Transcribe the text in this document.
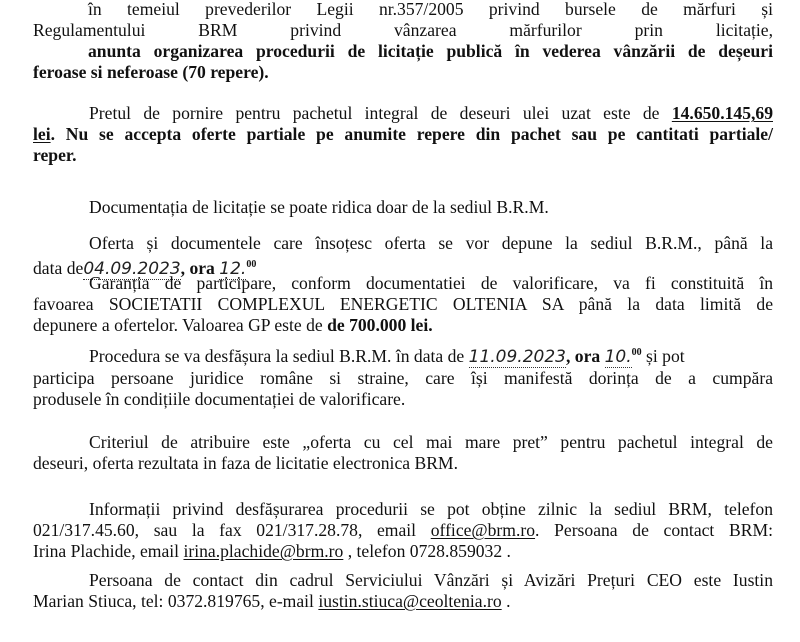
în temeiul prevederilor Legii nr.357/2005 privind bursele de mărfuri și
Regulamentului BRM privind vânzarea mărfurilor prin licitație,
anunta organizarea procedurii de licitație publică în vederea vânzării de deșeuri
feroase si neferoase (70 repere).
Pretul de pornire pentru pachetul integral de deseuri ulei uzat este de 14.650.145,69
lei. Nu se accepta oferte partiale pe anumite repere din pachet sau pe cantitati partiale/
reper.
Documentația de licitație se poate ridica doar de la sediul B.R.M.
Oferta și documentele care însoțesc oferta se vor depune la sediul B.R.M., până la
data de04.09.2023, ora 12.00
Garanția de participare, conform documentatiei de valorificare, va fi constituită în
favoarea SOCIETATII COMPLEXUL ENERGETIC OLTENIA SA până la data limită de
depunere a ofertelor. Valoarea GP este de de 700.000 lei.
Procedura se va desfășura la sediul B.R.M. în data de 11.09.2023, ora 10.00 și pot
participa persoane juridice române si straine, care își manifestă dorința de a cumpăra
produsele în condițiile documentației de valorificare.
Criteriul de atribuire este „oferta cu cel mai mare pret” pentru pachetul integral de
deseuri, oferta rezultata in faza de licitatie electronica BRM.
Informații privind desfășurarea procedurii se pot obține zilnic la sediul BRM, telefon
021/317.45.60, sau la fax 021/317.28.78, email office@brm.ro. Persoana de contact BRM:
Irina Plachide, email irina.plachide@brm.ro , telefon 0728.859032 .
Persoana de contact din cadrul Serviciului Vânzări și Avizări Prețuri CEO este Iustin
Marian Stiuca, tel: 0372.819765, e-mail iustin.stiuca@ceoltenia.ro .
